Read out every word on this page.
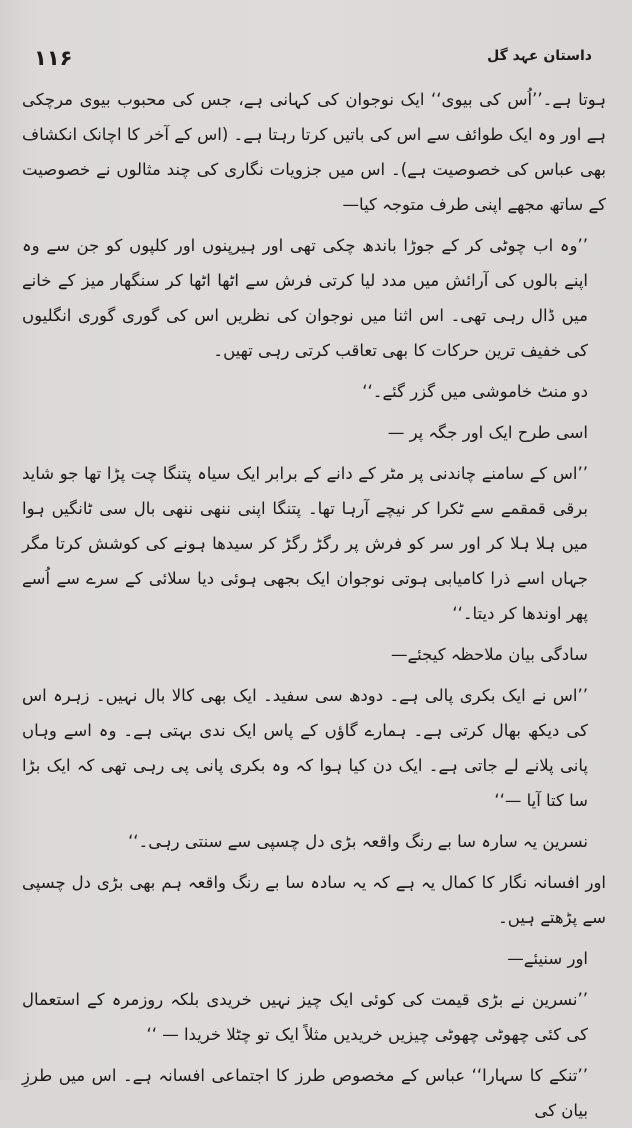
۱۱۶	داستان عہد گل

ہوتا ہے۔’’اُس کی بیوی‘‘ ایک نوجوان کی کہانی ہے، جس کی محبوب بیوی مرچکی ہے اور وہ ایک طوائف سے اس کی باتیں کرتا رہتا ہے۔ (اس کے آخر کا اچانک انکشاف بھی عباس کی خصوصیت ہے)۔ اس میں جزویات نگاری کی چند مثالوں نے خصوصیت کے ساتھ مجھے اپنی طرف متوجہ کیا—

’’وہ اب چوٹی کر کے جوڑا باندھ چکی تھی اور ہیرپنوں اور کلپوں کو جن سے وہ اپنے بالوں کی آرائش میں مدد لیا کرتی فرش سے اٹھا اٹھا کر سنگھار میز کے خانے میں ڈال رہی تھی۔ اس اثنا میں نوجوان کی نظریں اس کی گوری گوری انگلیوں کی خفیف ترین حرکات کا بھی تعاقب کرتی رہی تھیں۔

دو منٹ خاموشی میں گزر گئے۔‘‘

اسی طرح ایک اور جگہ پر —

’’اس کے سامنے چاندنی پر مٹر کے دانے کے برابر ایک سیاہ پتنگا چت پڑا تھا جو شاید برقی قمقمے سے ٹکرا کر نیچے آرہا تھا۔ پتنگا اپنی ننھی ننھی بال سی ٹانگیں ہوا میں ہلا ہلا کر اور سر کو فرش پر رگڑ رگڑ کر سیدھا ہونے کی کوشش کرتا مگر جہاں اسے ذرا کامیابی ہوتی نوجوان ایک بجھی ہوئی دیا سلائی کے سرے سے اُسے پھر اوندھا کر دیتا۔‘‘

سادگی بیان ملاحظہ کیجئے—

’’اس نے ایک بکری پالی ہے۔ دودھ سی سفید۔ ایک بھی کالا بال نہیں۔ زہرہ اس کی دیکھ بھال کرتی ہے۔ ہمارے گاؤں کے پاس ایک ندی بہتی ہے۔ وہ اسے وہاں پانی پلانے لے جاتی ہے۔ ایک دن کیا ہوا کہ وہ بکری پانی پی رہی تھی کہ ایک بڑا سا کتا آیا —‘‘

نسرین یہ سارہ سا بے رنگ واقعہ بڑی دل چسپی سے سنتی رہی۔‘‘

اور افسانہ نگار کا کمال یہ ہے کہ یہ سادہ سا بے رنگ واقعہ ہم بھی بڑی دل چسپی سے پڑھتے ہیں۔

اور سنیئے—

’’نسرین نے بڑی قیمت کی کوئی ایک چیز نہیں خریدی بلکہ روزمرہ کے استعمال کی کئی چھوٹی چھوٹی چیزیں خریدیں مثلاً ایک تو چٹلا خریدا — ‘‘

’’تنکے کا سہارا‘‘ عباس کے مخصوص طرز کا اجتماعی افسانہ ہے۔ اس میں طرزِ بیان کی
